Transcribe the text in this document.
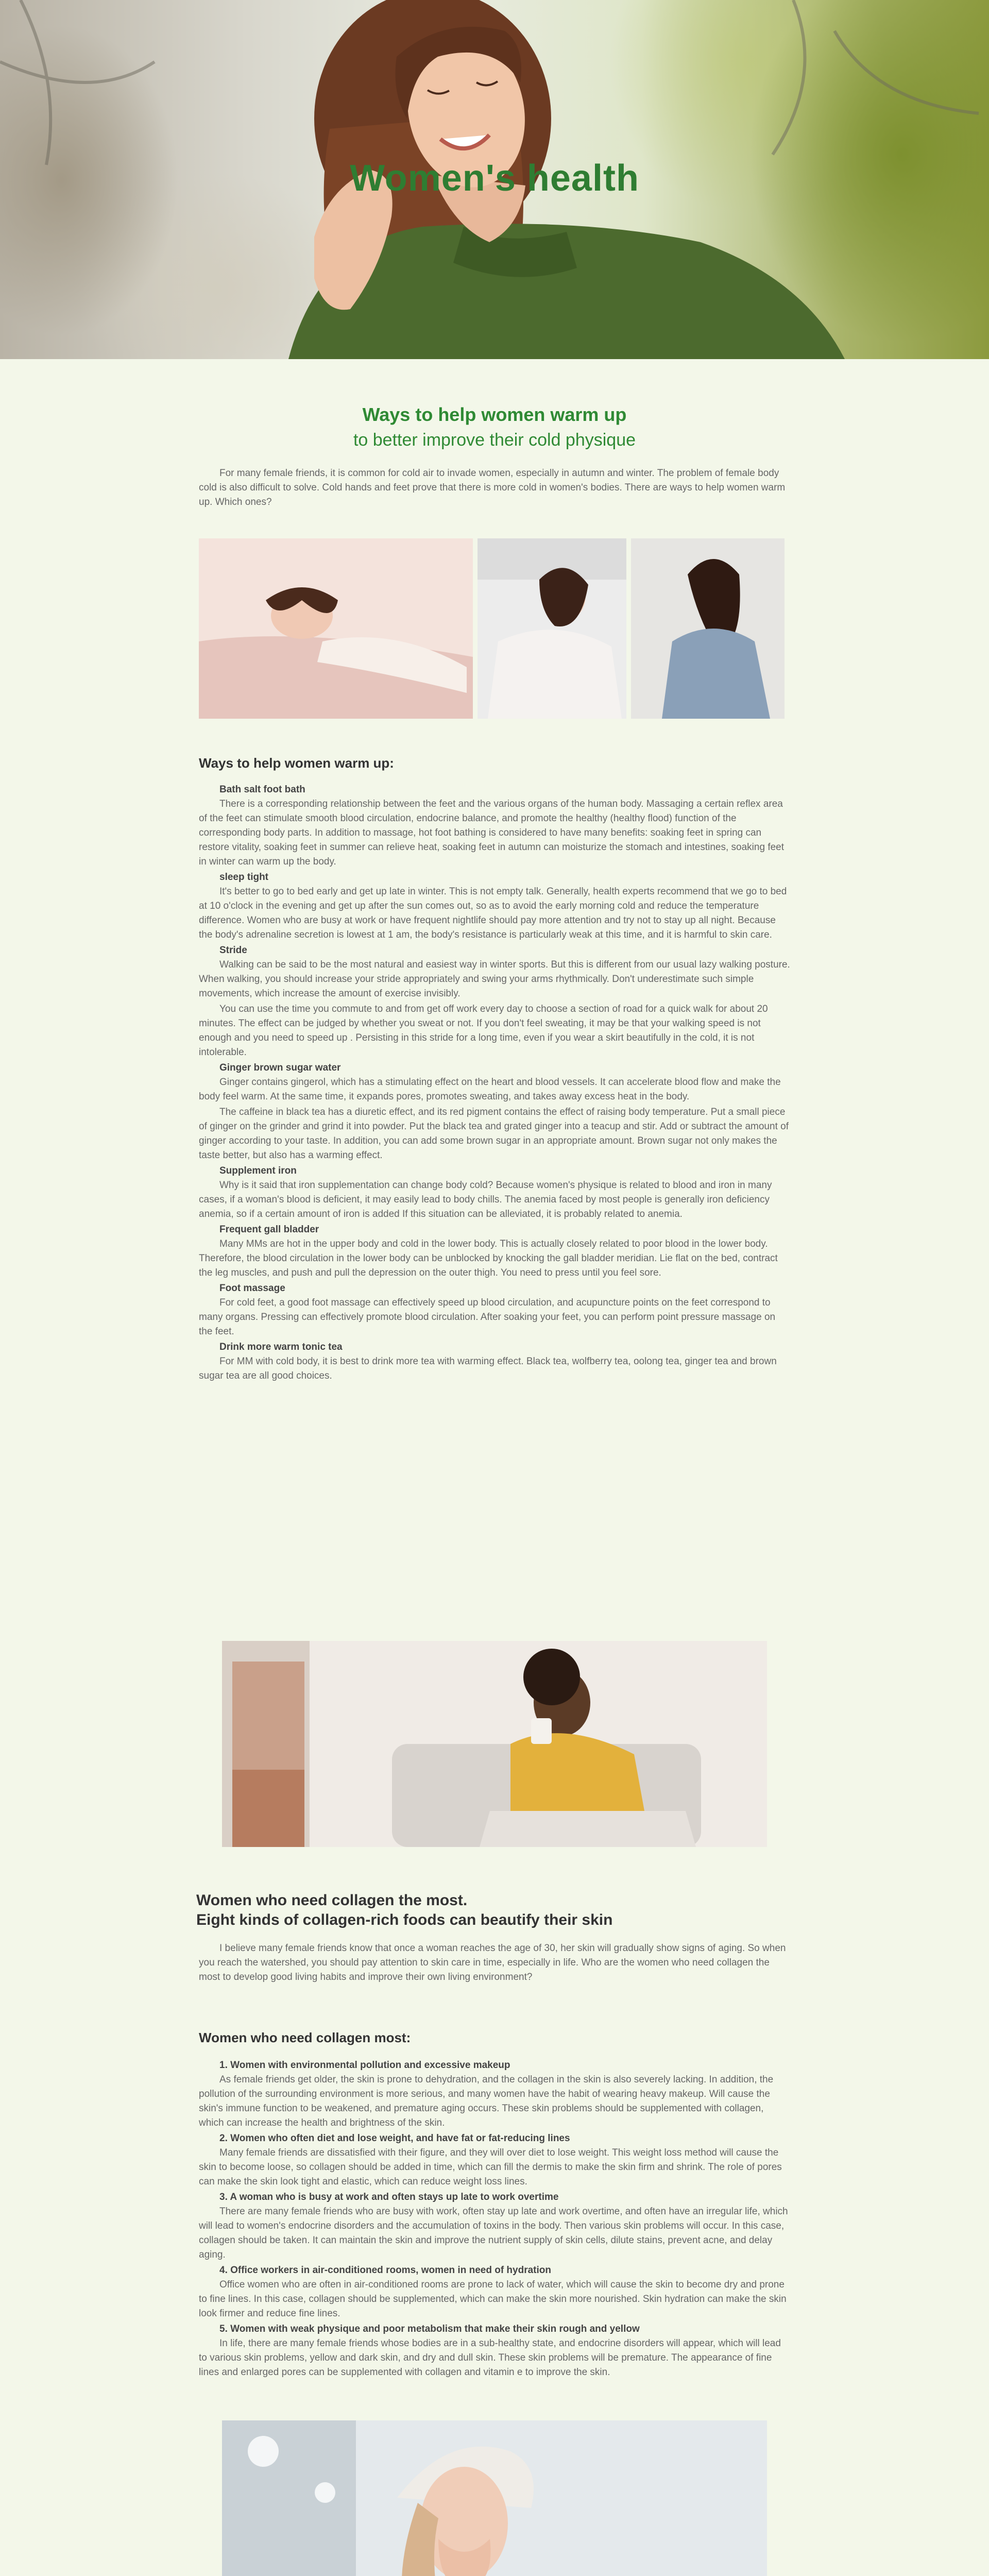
Women's health
Ways to help women warm up
to better improve their cold physique

For many female friends, it is common for cold air to invade women, especially in autumn and winter. The problem of female body cold is also difficult to solve. Cold hands and feet prove that there is more cold in women's bodies. There are ways to help women warm up. Which ones?

Ways to help women warm up:
Bath salt foot bath

There is a corresponding relationship between the feet and the various organs of the human body. Massaging a certain reflex area of the feet can stimulate smooth blood circulation, endocrine balance, and promote the healthy (healthy flood) function of the corresponding body parts. In addition to massage, hot foot bathing is considered to have many benefits: soaking feet in spring can restore vitality, soaking feet in summer can relieve heat, soaking feet in autumn can moisturize the stomach and intestines, soaking feet in winter can warm up the body.

sleep tight

It's better to go to bed early and get up late in winter. This is not empty talk. Generally, health experts recommend that we go to bed at 10 o'clock in the evening and get up after the sun comes out, so as to avoid the early morning cold and reduce the temperature difference. Women who are busy at work or have frequent nightlife should pay more attention and try not to stay up all night. Because the body's adrenaline secretion is lowest at 1 am, the body's resistance is particularly weak at this time, and it is harmful to skin care.

Stride

Walking can be said to be the most natural and easiest way in winter sports. But this is different from our usual lazy walking posture. When walking, you should increase your stride appropriately and swing your arms rhythmically. Don't underestimate such simple movements, which increase the amount of exercise invisibly.

You can use the time you commute to and from get off work every day to choose a section of road for a quick walk for about 20 minutes. The effect can be judged by whether you sweat or not. If you don't feel sweating, it may be that your walking speed is not enough and you need to speed up . Persisting in this stride for a long time, even if you wear a skirt beautifully in the cold, it is not intolerable.

Ginger brown sugar water

Ginger contains gingerol, which has a stimulating effect on the heart and blood vessels. It can accelerate blood flow and make the body feel warm. At the same time, it expands pores, promotes sweating, and takes away excess heat in the body.

The caffeine in black tea has a diuretic effect, and its red pigment contains the effect of raising body temperature. Put a small piece of ginger on the grinder and grind it into powder. Put the black tea and grated ginger into a teacup and stir. Add or subtract the amount of ginger according to your taste. In addition, you can add some brown sugar in an appropriate amount. Brown sugar not only makes the taste better, but also has a warming effect.

Supplement iron

Why is it said that iron supplementation can change body cold? Because women's physique is related to blood and iron in many cases, if a woman's blood is deficient, it may easily lead to body chills. The anemia faced by most people is generally iron deficiency anemia, so if a certain amount of iron is added If this situation can be alleviated, it is probably related to anemia.

Frequent gall bladder

Many MMs are hot in the upper body and cold in the lower body. This is actually closely related to poor blood in the lower body. Therefore, the blood circulation in the lower body can be unblocked by knocking the gall bladder meridian. Lie flat on the bed, contract the leg muscles, and push and pull the depression on the outer thigh. You need to press until you feel sore.

Foot massage

For cold feet, a good foot massage can effectively speed up blood circulation, and acupuncture points on the feet correspond to many organs. Pressing can effectively promote blood circulation. After soaking your feet, you can perform point pressure massage on the feet.

Drink more warm tonic tea

For MM with cold body, it is best to drink more tea with warming effect. Black tea, wolfberry tea, oolong tea, ginger tea and brown sugar tea are all good choices.

Women who need collagen the most.
Eight kinds of collagen-rich foods can beautify their skin

I believe many female friends know that once a woman reaches the age of 30, her skin will gradually show signs of aging. So when you reach the watershed, you should pay attention to skin care in time, especially in life. Who are the women who need collagen the most to develop good living habits and improve their own living environment?

Women who need collagen most:
1. Women with environmental pollution and excessive makeup

As female friends get older, the skin is prone to dehydration, and the collagen in the skin is also severely lacking. In addition, the pollution of the surrounding environment is more serious, and many women have the habit of wearing heavy makeup. Will cause the skin's immune function to be weakened, and premature aging occurs. These skin problems should be supplemented with collagen, which can increase the health and brightness of the skin.

2. Women who often diet and lose weight, and have fat or fat-reducing lines

Many female friends are dissatisfied with their figure, and they will over diet to lose weight. This weight loss method will cause the skin to become loose, so collagen should be added in time, which can fill the dermis to make the skin firm and shrink. The role of pores can make the skin look tight and elastic, which can reduce weight loss lines.

3. A woman who is busy at work and often stays up late to work overtime

There are many female friends who are busy with work, often stay up late and work overtime, and often have an irregular life, which will lead to women's endocrine disorders and the accumulation of toxins in the body. Then various skin problems will occur. In this case, collagen should be taken. It can maintain the skin and improve the nutrient supply of skin cells, dilute stains, prevent acne, and delay aging.

4. Office workers in air-conditioned rooms, women in need of hydration

Office women who are often in air-conditioned rooms are prone to lack of water, which will cause the skin to become dry and prone to fine lines. In this case, collagen should be supplemented, which can make the skin more nourished. Skin hydration can make the skin look firmer and reduce fine lines.

5. Women with weak physique and poor metabolism that make their skin rough and yellow

In life, there are many female friends whose bodies are in a sub-healthy state, and endocrine disorders will appear, which will lead to various skin problems, yellow and dark skin, and dry and dull skin. These skin problems will be premature. The appearance of fine lines and enlarged pores can be supplemented with collagen and vitamin e to improve the skin.
